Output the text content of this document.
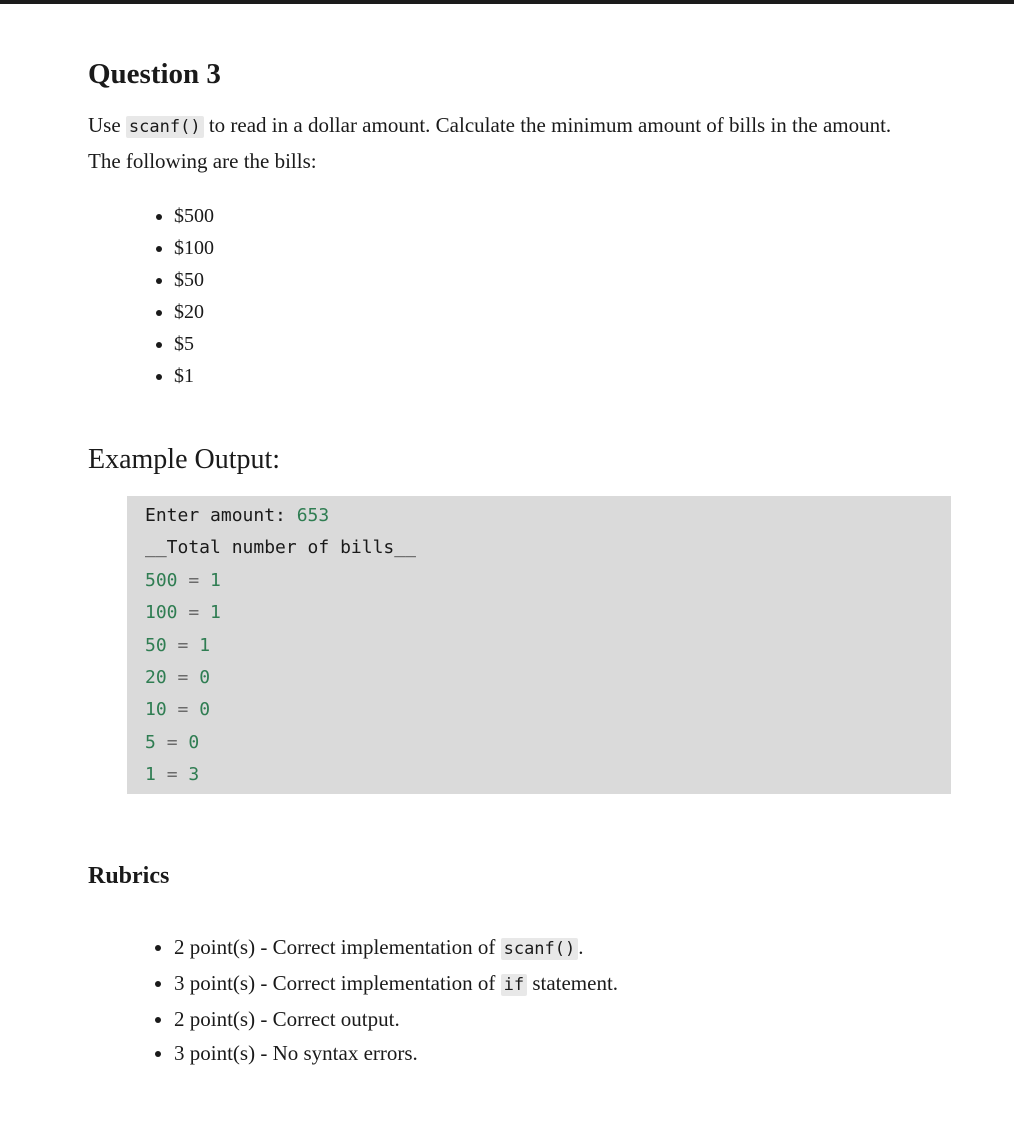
Question 3

Use scanf() to read in a dollar amount. Calculate the minimum amount of bills in the amount. The following are the bills:

• $500
• $100
• $50
• $20
• $5
• $1
Example Output:
Enter amount: 653
__Total number of bills__
500 = 1
100 = 1
50 = 1
20 = 0
10 = 0
5 = 0
1 = 3
Rubrics
• 2 point(s) - Correct implementation of scanf() .
• 3 point(s) - Correct implementation of if statement.
• 2 point(s) - Correct output.
• 3 point(s) - No syntax errors.
